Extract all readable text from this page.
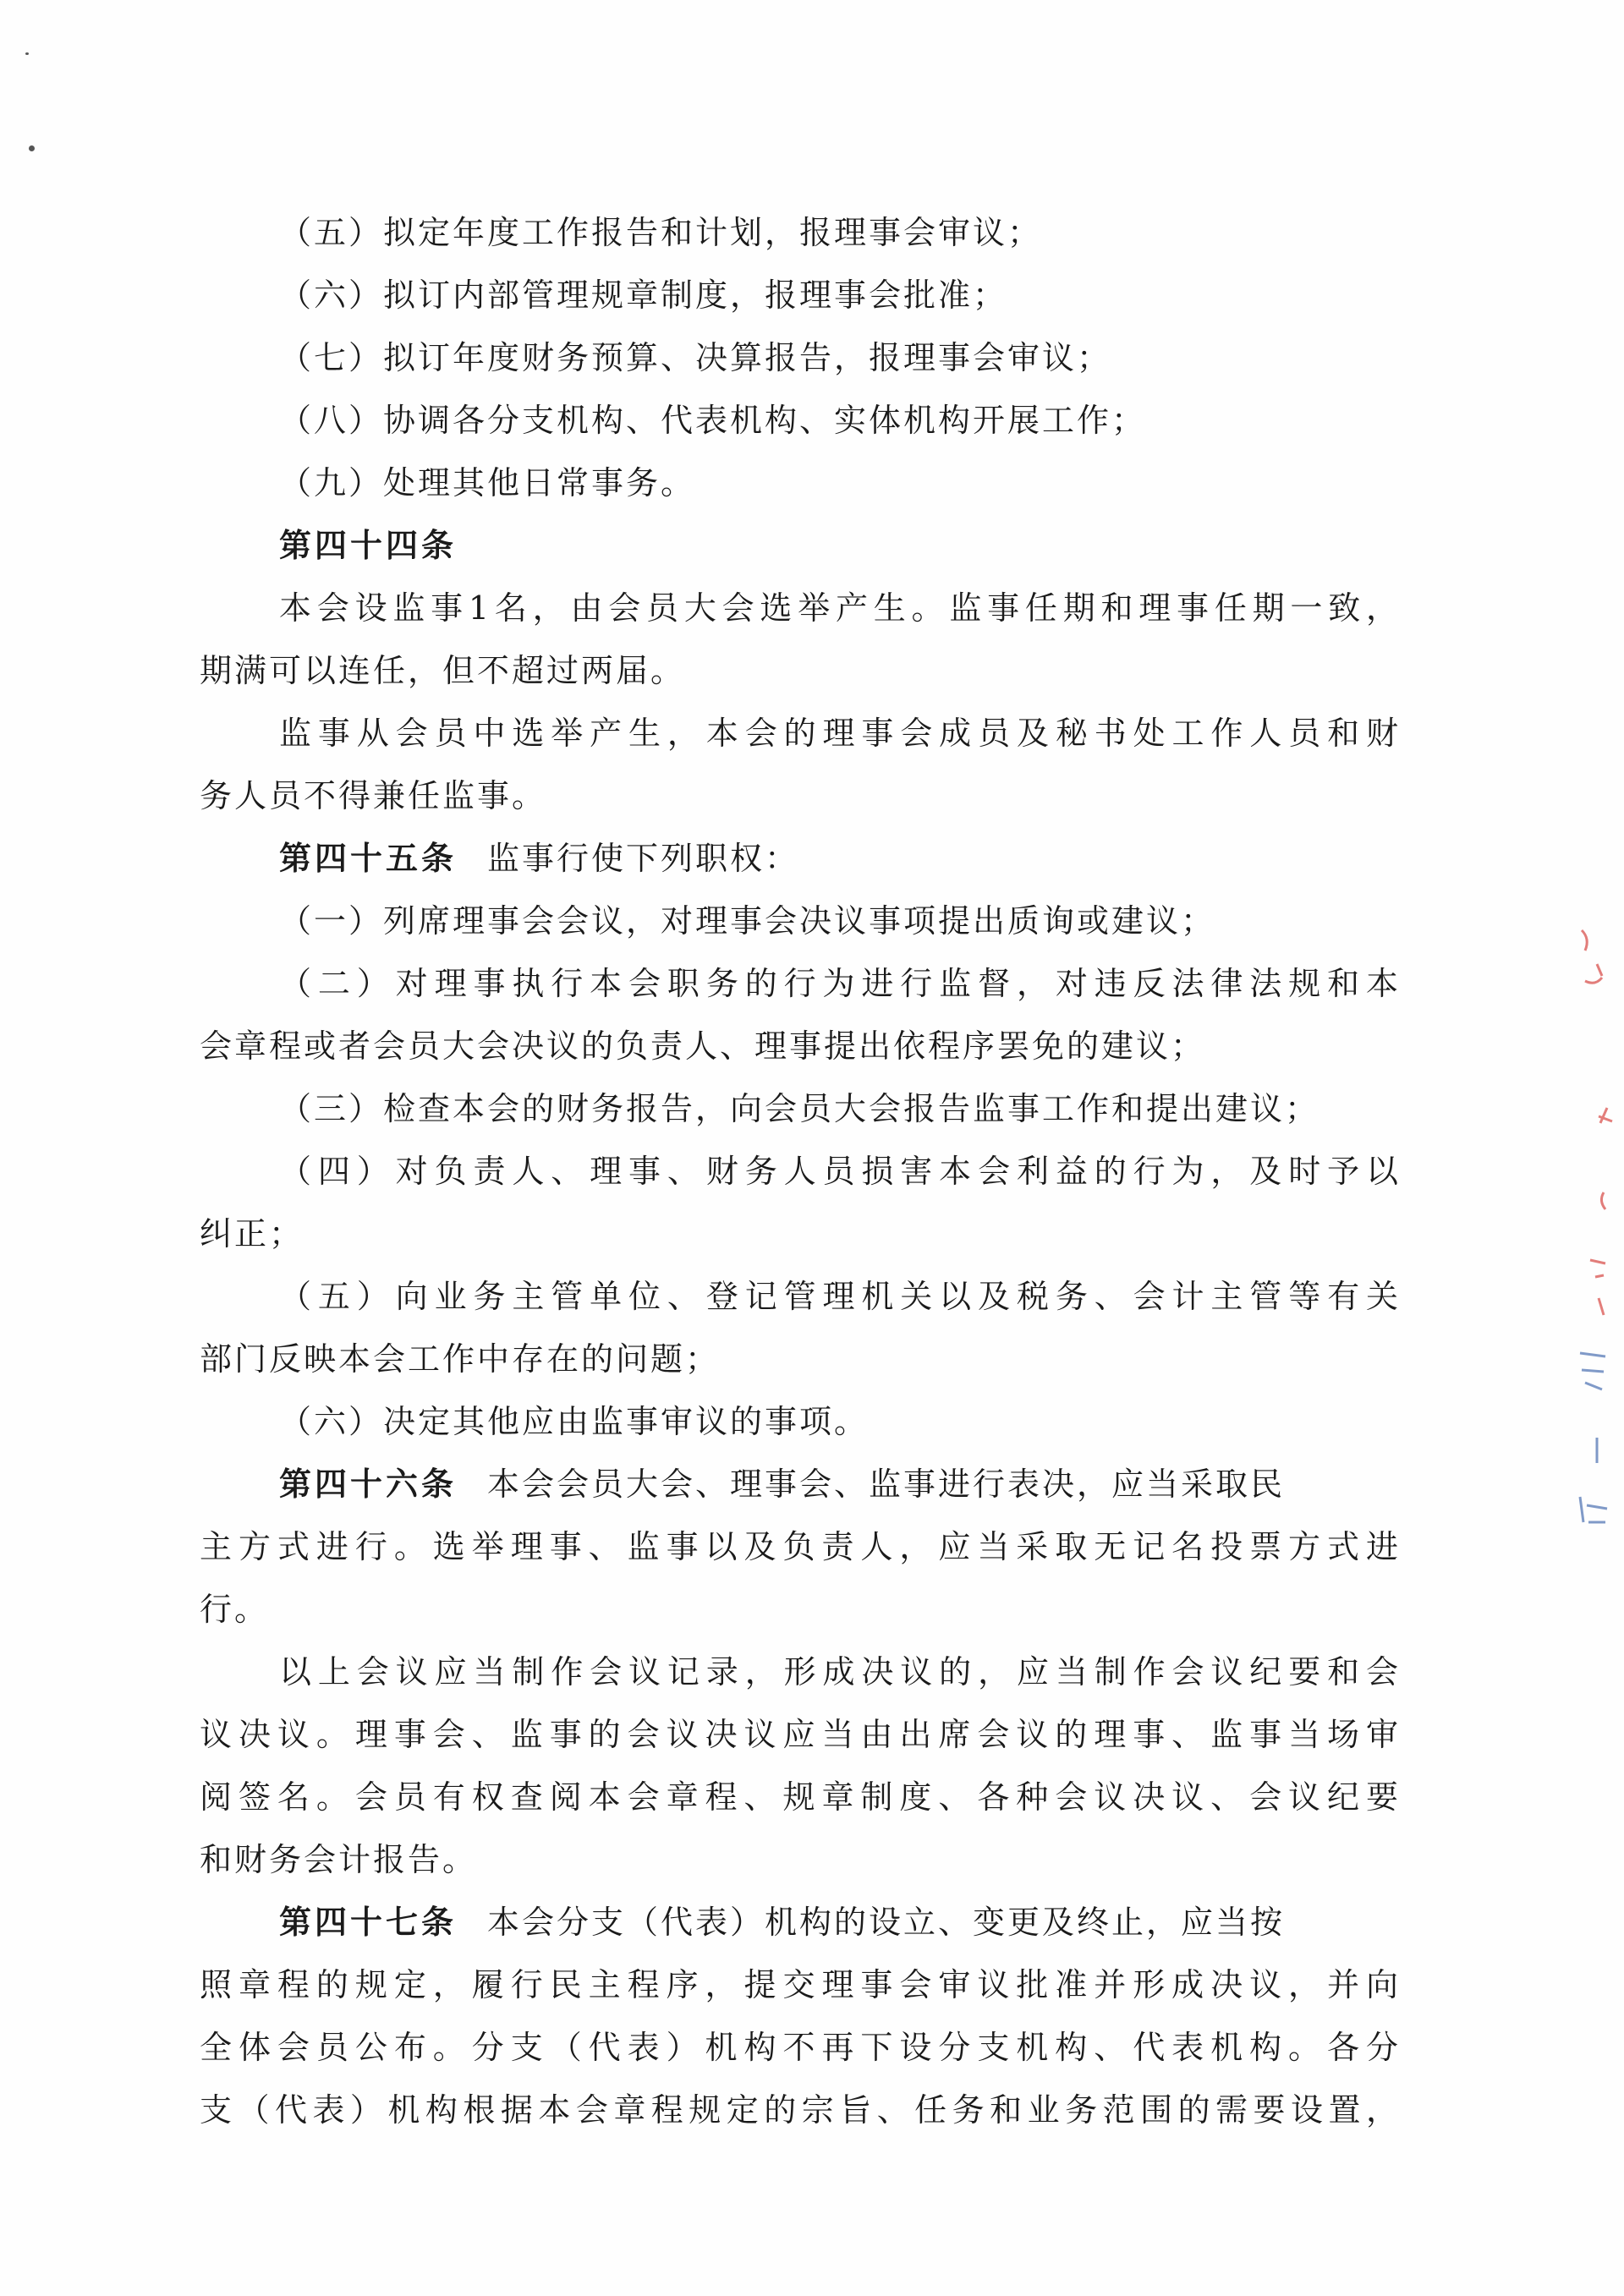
（五）拟定年度工作报告和计划，报理事会审议；
（六）拟订内部管理规章制度，报理事会批准；
（七）拟订年度财务预算、决算报告，报理事会审议；
（八）协调各分支机构、代表机构、实体机构开展工作；
（九）处理其他日常事务。
第四十四条
本会设监事1名，由会员大会选举产生。监事任期和理事任期一致，
期满可以连任，但不超过两届。
监事从会员中选举产生，本会的理事会成员及秘书处工作人员和财
务人员不得兼任监事。
第四十五条 监事行使下列职权：
（一）列席理事会会议，对理事会决议事项提出质询或建议；
（二）对理事执行本会职务的行为进行监督，对违反法律法规和本
会章程或者会员大会决议的负责人、理事提出依程序罢免的建议；
（三）检查本会的财务报告，向会员大会报告监事工作和提出建议；
（四）对负责人、理事、财务人员损害本会利益的行为，及时予以
纠正；
（五）向业务主管单位、登记管理机关以及税务、会计主管等有关
部门反映本会工作中存在的问题；
（六）决定其他应由监事审议的事项。
第四十六条 本会会员大会、理事会、监事进行表决，应当采取民
主方式进行。选举理事、监事以及负责人，应当采取无记名投票方式进
行。
以上会议应当制作会议记录，形成决议的，应当制作会议纪要和会
议决议。理事会、监事的会议决议应当由出席会议的理事、监事当场审
阅签名。会员有权查阅本会章程、规章制度、各种会议决议、会议纪要
和财务会计报告。
第四十七条 本会分支（代表）机构的设立、变更及终止，应当按
照章程的规定，履行民主程序，提交理事会审议批准并形成决议，并向
全体会员公布。分支（代表）机构不再下设分支机构、代表机构。各分
支（代表）机构根据本会章程规定的宗旨、任务和业务范围的需要设置，
